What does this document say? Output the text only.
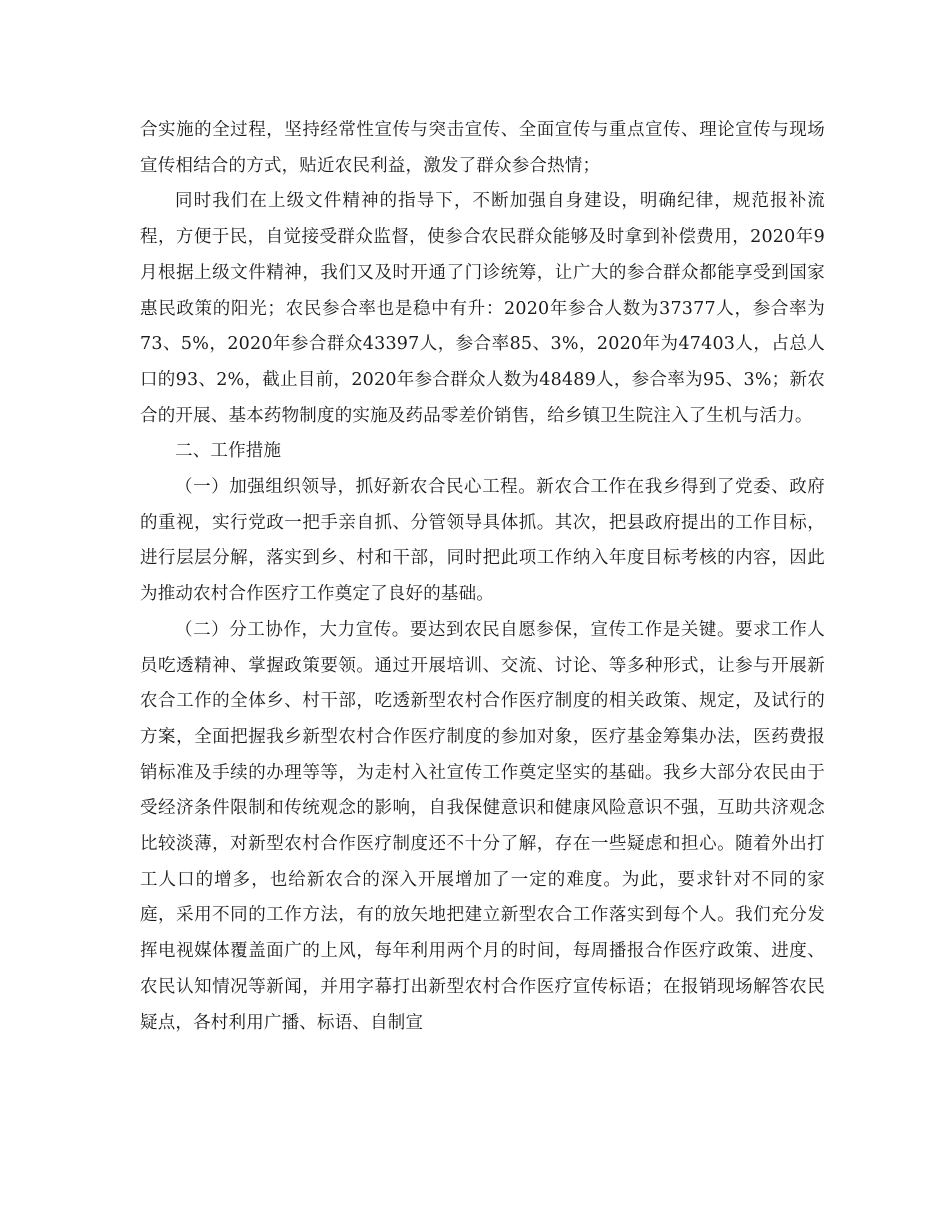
合实施的全过程，坚持经常性宣传与突击宣传、全面宣传与重点宣传、理论宣传与现场宣传相结合的方式，贴近农民利益，激发了群众参合热情；

同时我们在上级文件精神的指导下，不断加强自身建设，明确纪律，规范报补流程，方便于民，自觉接受群众监督，使参合农民群众能够及时拿到补偿费用，2020年9月根据上级文件精神，我们又及时开通了门诊统筹，让广大的参合群众都能享受到国家惠民政策的阳光；农民参合率也是稳中有升：2020年参合人数为37377人，参合率为73、5%，2020年参合群众43397人，参合率85、3%，2020年为47403人，占总人口的93、2%，截止目前，2020年参合群众人数为48489人，参合率为95、3%；新农合的开展、基本药物制度的实施及药品零差价销售，给乡镇卫生院注入了生机与活力。

二、工作措施

（一）加强组织领导，抓好新农合民心工程。新农合工作在我乡得到了党委、政府的重视，实行党政一把手亲自抓、分管领导具体抓。其次，把县政府提出的工作目标，进行层层分解，落实到乡、村和干部，同时把此项工作纳入年度目标考核的内容，因此为推动农村合作医疗工作奠定了良好的基础。

（二）分工协作，大力宣传。要达到农民自愿参保，宣传工作是关键。要求工作人员吃透精神、掌握政策要领。通过开展培训、交流、讨论、等多种形式，让参与开展新农合工作的全体乡、村干部，吃透新型农村合作医疗制度的相关政策、规定，及试行的方案，全面把握我乡新型农村合作医疗制度的参加对象，医疗基金筹集办法，医药费报销标准及手续的办理等等，为走村入社宣传工作奠定坚实的基础。我乡大部分农民由于受经济条件限制和传统观念的影响，自我保健意识和健康风险意识不强，互助共济观念比较淡薄，对新型农村合作医疗制度还不十分了解，存在一些疑虑和担心。随着外出打工人口的增多，也给新农合的深入开展增加了一定的难度。为此，要求针对不同的家庭，采用不同的工作方法，有的放矢地把建立新型农合工作落实到每个人。我们充分发挥电视媒体覆盖面广的上风，每年利用两个月的时间，每周播报合作医疗政策、进度、农民认知情况等新闻，并用字幕打出新型农村合作医疗宣传标语；在报销现场解答农民疑点，各村利用广播、标语、自制宣
